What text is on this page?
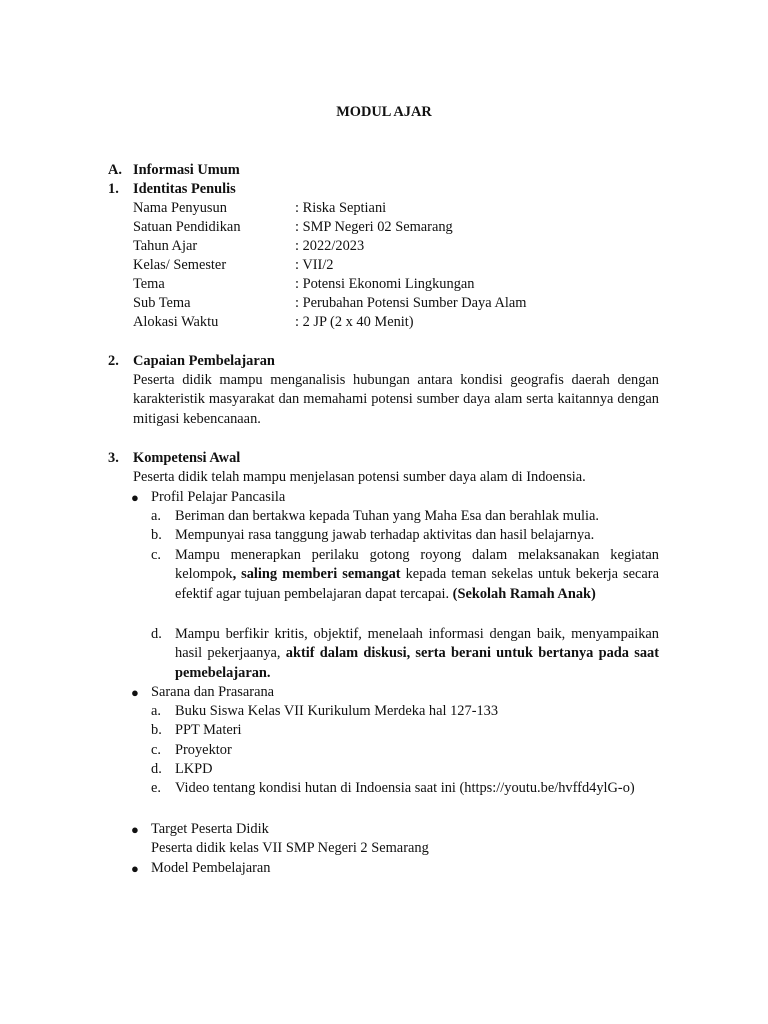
MODUL AJAR
A. Informasi Umum
1. Identitas Penulis
Nama Penyusun	: Riska Septiani
Satuan Pendidikan	: SMP Negeri 02 Semarang
Tahun Ajar	: 2022/2023
Kelas/ Semester	: VII/2
Tema	: Potensi Ekonomi Lingkungan
Sub Tema	: Perubahan Potensi Sumber Daya Alam
Alokasi Waktu	: 2 JP (2 x 40 Menit)
2. Capaian Pembelajaran
Peserta didik mampu menganalisis hubungan antara kondisi geografis daerah dengan karakteristik masyarakat dan memahami potensi sumber daya alam serta kaitannya dengan mitigasi kebencanaan.
3. Kompetensi Awal
Peserta didik telah mampu menjelasan potensi sumber daya alam di Indoensia.
● Profil Pelajar Pancasila
a. Beriman dan bertakwa kepada Tuhan yang Maha Esa dan berahlak mulia.
b. Mempunyai rasa tanggung jawab terhadap aktivitas dan hasil belajarnya.
c. Mampu menerapkan perilaku gotong royong dalam melaksanakan kegiatan kelompok, saling memberi semangat kepada teman sekelas untuk bekerja secara efektif agar tujuan pembelajaran dapat tercapai. (Sekolah Ramah Anak)
d. Mampu berfikir kritis, objektif, menelaah informasi dengan baik, menyampaikan hasil pekerjaanya, aktif dalam diskusi, serta berani untuk bertanya pada saat pemebelajaran.
● Sarana dan Prasarana
a. Buku Siswa Kelas VII Kurikulum Merdeka hal 127-133
b. PPT Materi
c. Proyektor
d. LKPD
e. Video tentang kondisi hutan di Indoensia saat ini (https://youtu.be/hvffd4ylG-o)
● Target Peserta Didik
Peserta didik kelas VII SMP Negeri 2 Semarang
● Model Pembelajaran
